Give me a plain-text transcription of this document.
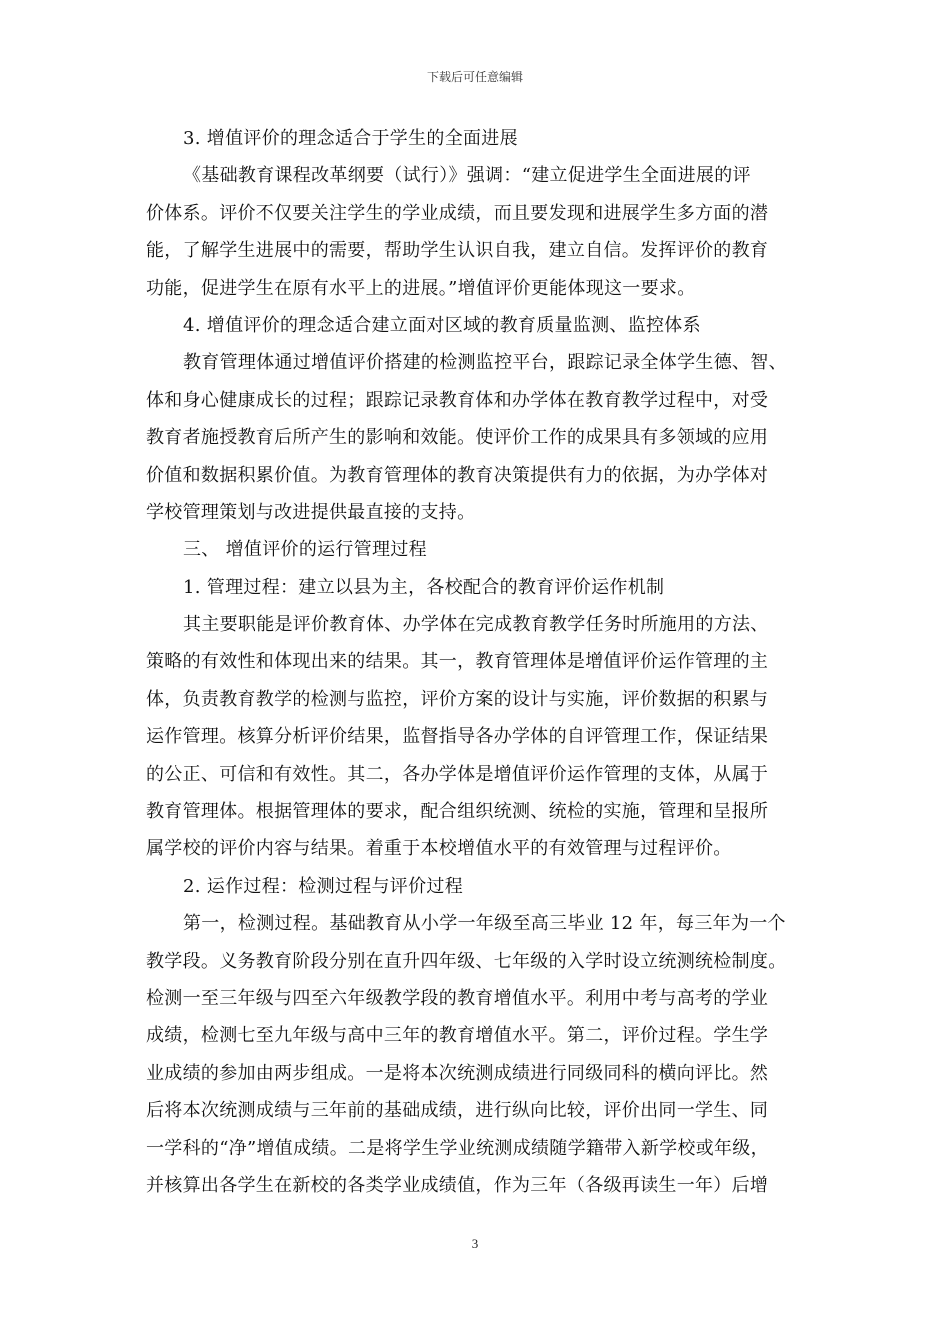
下载后可任意编辑
3. 增值评价的理念适合于学生的全面进展
《基础教育课程改革纲要（试行）》强调：“建立促进学生全面进展的评
价体系。评价不仅要关注学生的学业成绩，而且要发现和进展学生多方面的潜
能，了解学生进展中的需要，帮助学生认识自我，建立自信。发挥评价的教育
功能，促进学生在原有水平上的进展。”增值评价更能体现这一要求。
4. 增值评价的理念适合建立面对区域的教育质量监测、监控体系
教育管理体通过增值评价搭建的检测监控平台，跟踪记录全体学生德、智、
体和身心健康成长的过程；跟踪记录教育体和办学体在教育教学过程中，对受
教育者施授教育后所产生的影响和效能。使评价工作的成果具有多领域的应用
价值和数据积累价值。为教育管理体的教育决策提供有力的依据，为办学体对
学校管理策划与改进提供最直接的支持。
三、 增值评价的运行管理过程
1. 管理过程：建立以县为主，各校配合的教育评价运作机制
其主要职能是评价教育体、办学体在完成教育教学任务时所施用的方法、
策略的有效性和体现出来的结果。其一，教育管理体是增值评价运作管理的主
体，负责教育教学的检测与监控，评价方案的设计与实施，评价数据的积累与
运作管理。核算分析评价结果，监督指导各办学体的自评管理工作，保证结果
的公正、可信和有效性。其二，各办学体是增值评价运作管理的支体，从属于
教育管理体。根据管理体的要求，配合组织统测、统检的实施，管理和呈报所
属学校的评价内容与结果。着重于本校增值水平的有效管理与过程评价。
2. 运作过程：检测过程与评价过程
第一，检测过程。基础教育从小学一年级至高三毕业 12 年，每三年为一个
教学段。义务教育阶段分别在直升四年级、七年级的入学时设立统测统检制度。
检测一至三年级与四至六年级教学段的教育增值水平。利用中考与高考的学业
成绩，检测七至九年级与高中三年的教育增值水平。第二，评价过程。学生学
业成绩的参加由两步组成。一是将本次统测成绩进行同级同科的横向评比。然
后将本次统测成绩与三年前的基础成绩，进行纵向比较，评价出同一学生、同
一学科的“净”增值成绩。二是将学生学业统测成绩随学籍带入新学校或年级，
并核算出各学生在新校的各类学业成绩值，作为三年（各级再读生一年）后增
3
